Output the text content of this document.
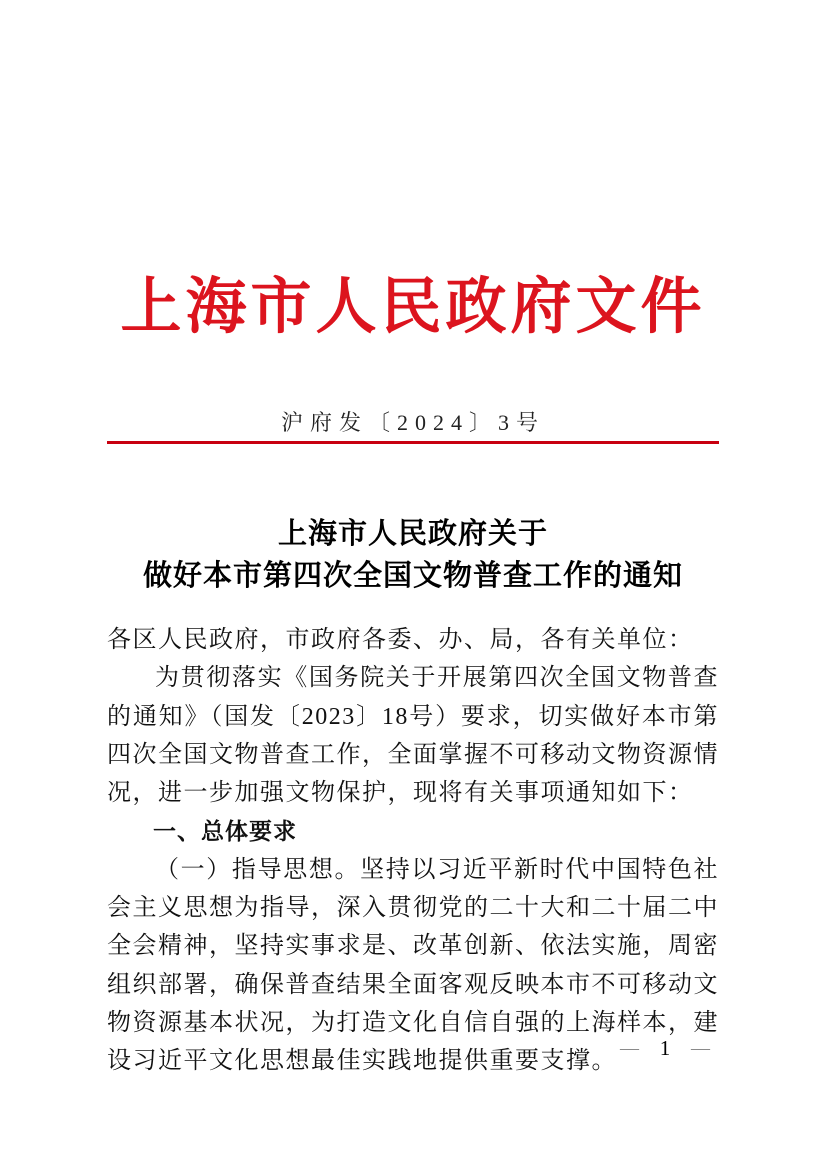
上海市人民政府文件
沪府发〔2024〕3号
上海市人民政府关于
做好本市第四次全国文物普查工作的通知

各区人民政府，市政府各委、办、局，各有关单位：

为贯彻落实《国务院关于开展第四次全国文物普查的通知》（国发〔2023〕18号）要求，切实做好本市第四次全国文物普查工作，全面掌握不可移动文物资源情况，进一步加强文物保护，现将有关事项通知如下：

一、总体要求

（一）指导思想。坚持以习近平新时代中国特色社会主义思想为指导，深入贯彻党的二十大和二十届二中全会精神，坚持实事求是、改革创新、依法实施，周密组织部署，确保普查结果全面客观反映本市不可移动文物资源基本状况，为打造文化自信自强的上海样本，建设习近平文化思想最佳实践地提供重要支撑。

— 1 —
